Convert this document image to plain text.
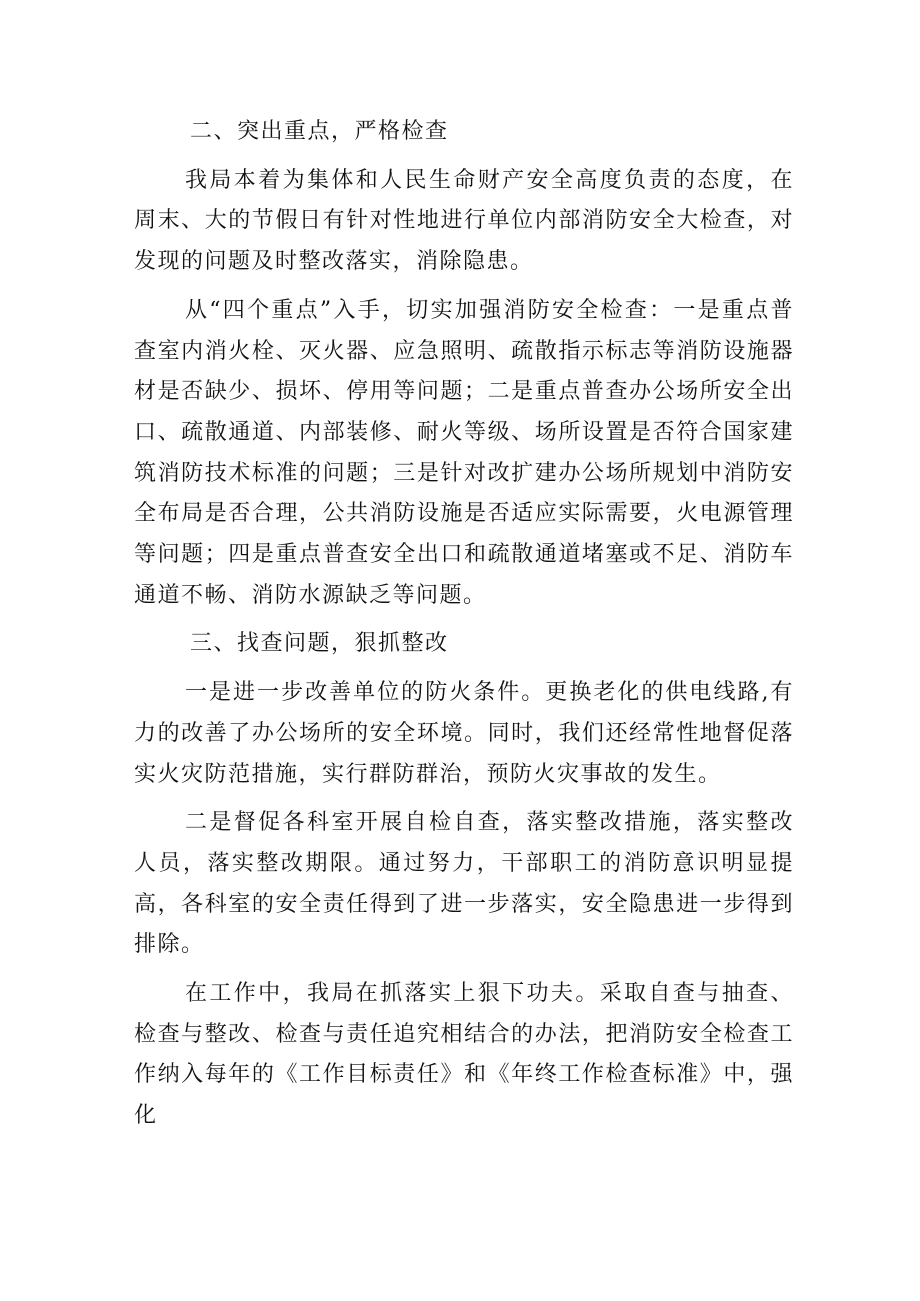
二、突出重点，严格检查

我局本着为集体和人民生命财产安全高度负责的态度，在周末、大的节假日有针对性地进行单位内部消防安全大检查，对发现的问题及时整改落实，消除隐患。

从“四个重点”入手，切实加强消防安全检查：一是重点普查室内消火栓、灭火器、应急照明、疏散指示标志等消防设施器材是否缺少、损坏、停用等问题；二是重点普查办公场所安全出口、疏散通道、内部装修、耐火等级、场所设置是否符合国家建筑消防技术标准的问题；三是针对改扩建办公场所规划中消防安全布局是否合理，公共消防设施是否适应实际需要，火电源管理等问题；四是重点普查安全出口和疏散通道堵塞或不足、消防车通道不畅、消防水源缺乏等问题。

三、找查问题，狠抓整改

一是进一步改善单位的防火条件。更换老化的供电线路,有力的改善了办公场所的安全环境。同时，我们还经常性地督促落实火灾防范措施，实行群防群治，预防火灾事故的发生。

二是督促各科室开展自检自查，落实整改措施，落实整改人员，落实整改期限。通过努力，干部职工的消防意识明显提高，各科室的安全责任得到了进一步落实，安全隐患进一步得到排除。

在工作中，我局在抓落实上狠下功夫。采取自查与抽查、检查与整改、检查与责任追究相结合的办法，把消防安全检查工作纳入每年的《工作目标责任》和《年终工作检查标准》中，强化
